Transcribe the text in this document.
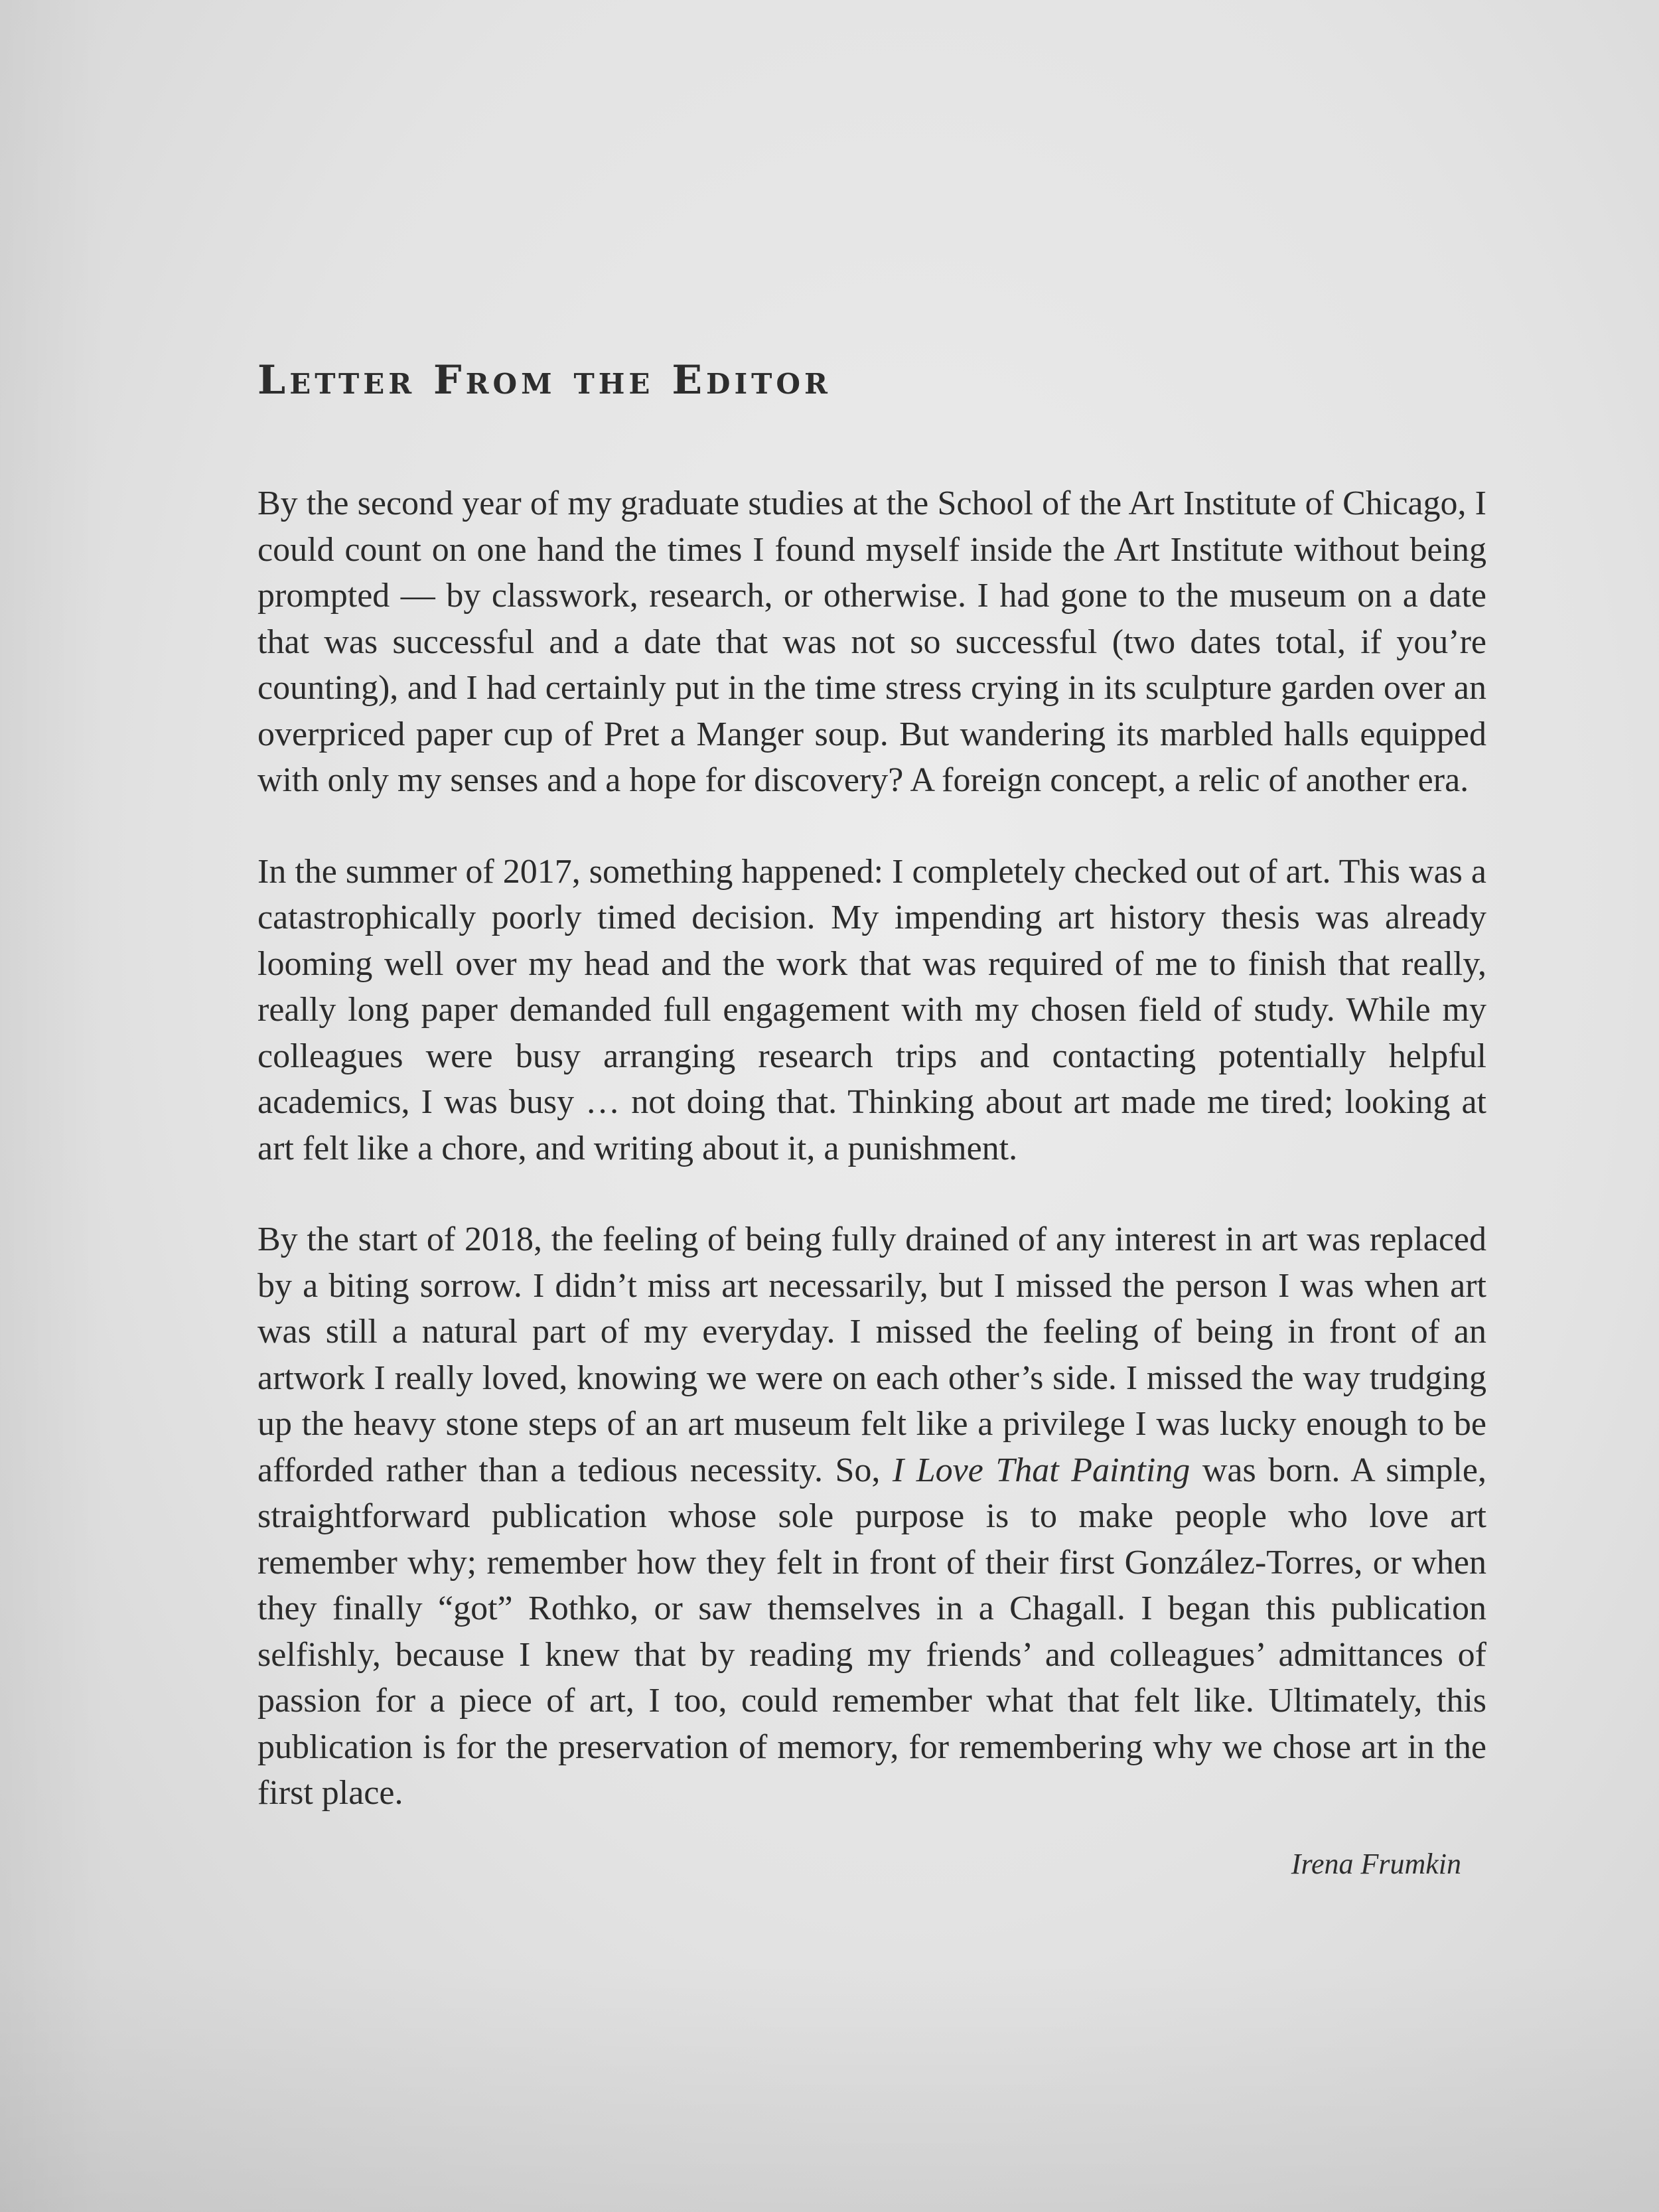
Letter From the Editor

By the second year of my graduate studies at the School of the Art Institute of Chicago, I could count on one hand the times I found myself inside the Art Institute without being prompted — by classwork, research, or otherwise. I had gone to the museum on a date that was successful and a date that was not so successful (two dates total, if you’re counting), and I had certainly put in the time stress crying in its sculpture garden over an overpriced paper cup of Pret a Manger soup. But wandering its marbled halls equipped with only my senses and a hope for discovery? A foreign concept, a relic of another era.

In the summer of 2017, something happened: I completely checked out of art. This was a catastrophically poorly timed decision. My impending art history thesis was already looming well over my head and the work that was required of me to finish that really, really long paper demanded full engagement with my chosen field of study. While my colleagues were busy arranging research trips and contacting potentially helpful academics, I was busy … not doing that. Thinking about art made me tired; looking at art felt like a chore, and writing about it, a punishment.

By the start of 2018, the feeling of being fully drained of any interest in art was replaced by a biting sorrow. I didn’t miss art necessarily, but I missed the person I was when art was still a natural part of my everyday. I missed the feeling of being in front of an artwork I really loved, knowing we were on each other’s side. I missed the way trudging up the heavy stone steps of an art museum felt like a privilege I was lucky enough to be afforded rather than a tedious necessity. So, I Love That Painting was born. A simple, straightforward publication whose sole purpose is to make people who love art remember why; remember how they felt in front of their first González-Torres, or when they finally “got” Rothko, or saw themselves in a Chagall. I began this publication selfishly, because I knew that by reading my friends’ and colleagues’ admittances of passion for a piece of art, I too, could remember what that felt like. Ultimately, this publication is for the preservation of memory, for remembering why we chose art in the first place.

Irena Frumkin
